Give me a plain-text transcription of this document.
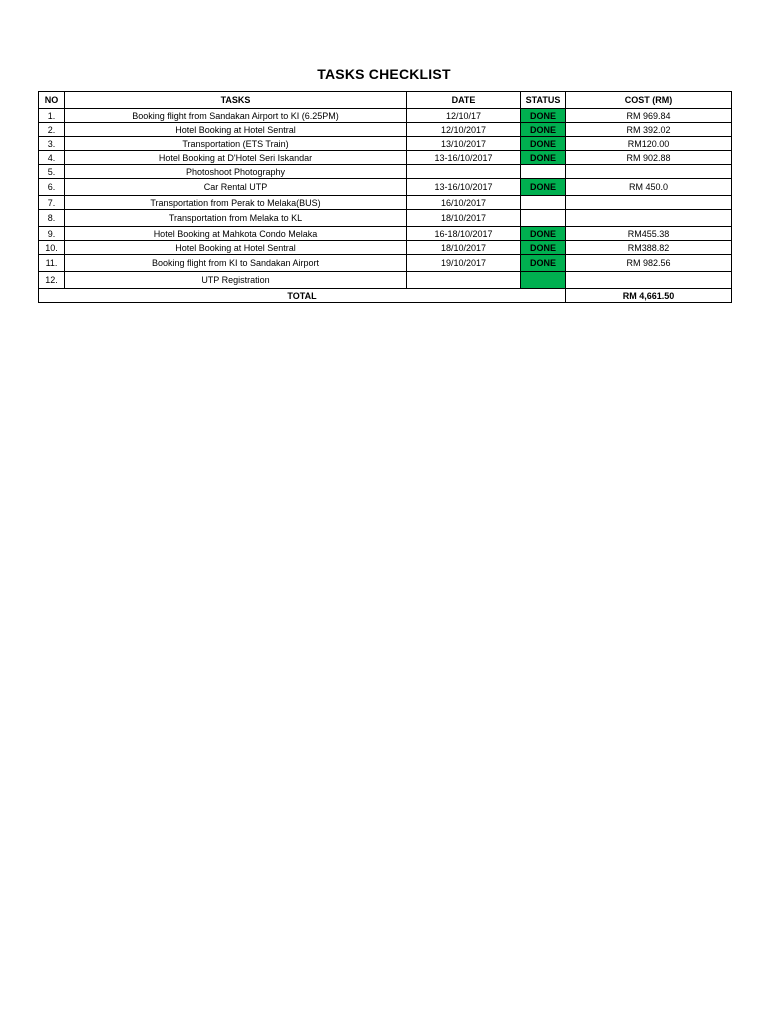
TASKS CHECKLIST
NO	TASKS	DATE	STATUS	COST (RM)
1.	Booking flight from Sandakan Airport to KI (6.25PM)	12/10/17	DONE	RM 969.84
2.	Hotel Booking at Hotel Sentral	12/10/2017	DONE	RM 392.02
3.	Transportation (ETS Train)	13/10/2017	DONE	RM120.00
4.	Hotel Booking at D'Hotel Seri Iskandar	13-16/10/2017	DONE	RM 902.88
5.	Photoshoot Photography			
6.	Car Rental UTP	13-16/10/2017	DONE	RM 450.0
7.	Transportation from Perak to Melaka(BUS)	16/10/2017		
8.	Transportation from Melaka to KL	18/10/2017		
9.	Hotel Booking at Mahkota Condo Melaka	16-18/10/2017	DONE	RM455.38
10.	Hotel Booking at Hotel Sentral	18/10/2017	DONE	RM388.82
11.	Booking flight from KI to Sandakan Airport	19/10/2017	DONE	RM 982.56
12.	UTP Registration			
TOTAL				RM 4,661.50
